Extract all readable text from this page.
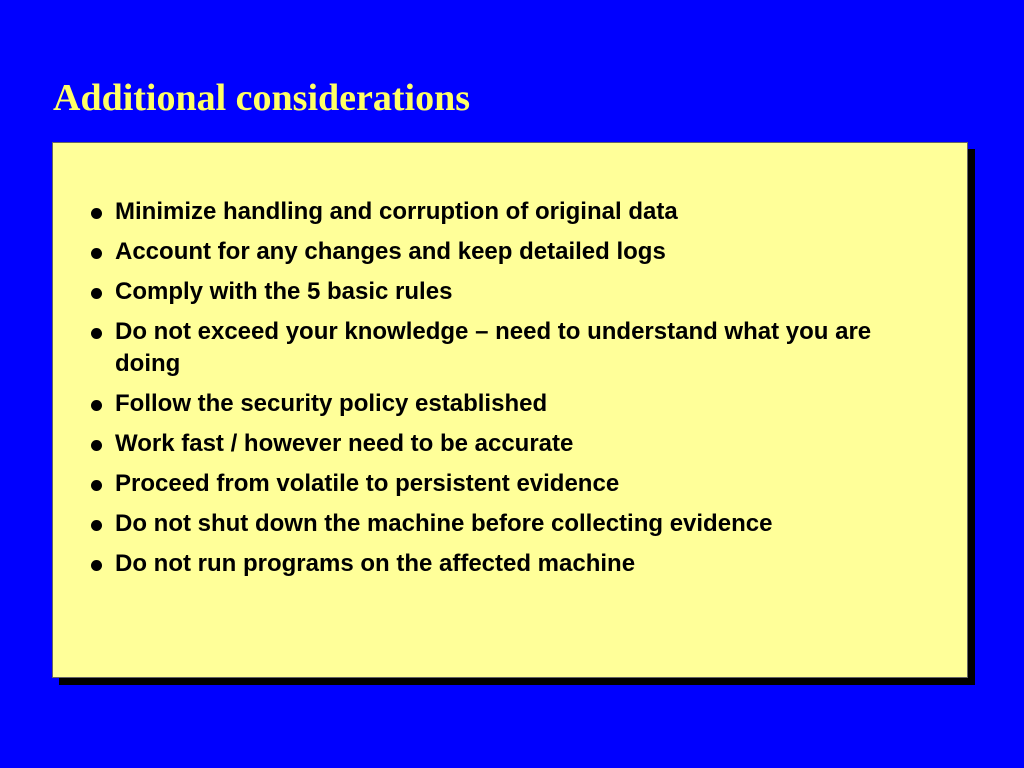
Additional considerations
Minimize handling and corruption of original data
Account for any changes and keep detailed logs
Comply with the 5 basic rules
Do not exceed your knowledge – need to understand what you are doing
Follow the security policy established
Work fast / however need to be accurate
Proceed from volatile to persistent evidence
Do not shut down the machine before collecting evidence
Do not run programs on the affected machine
